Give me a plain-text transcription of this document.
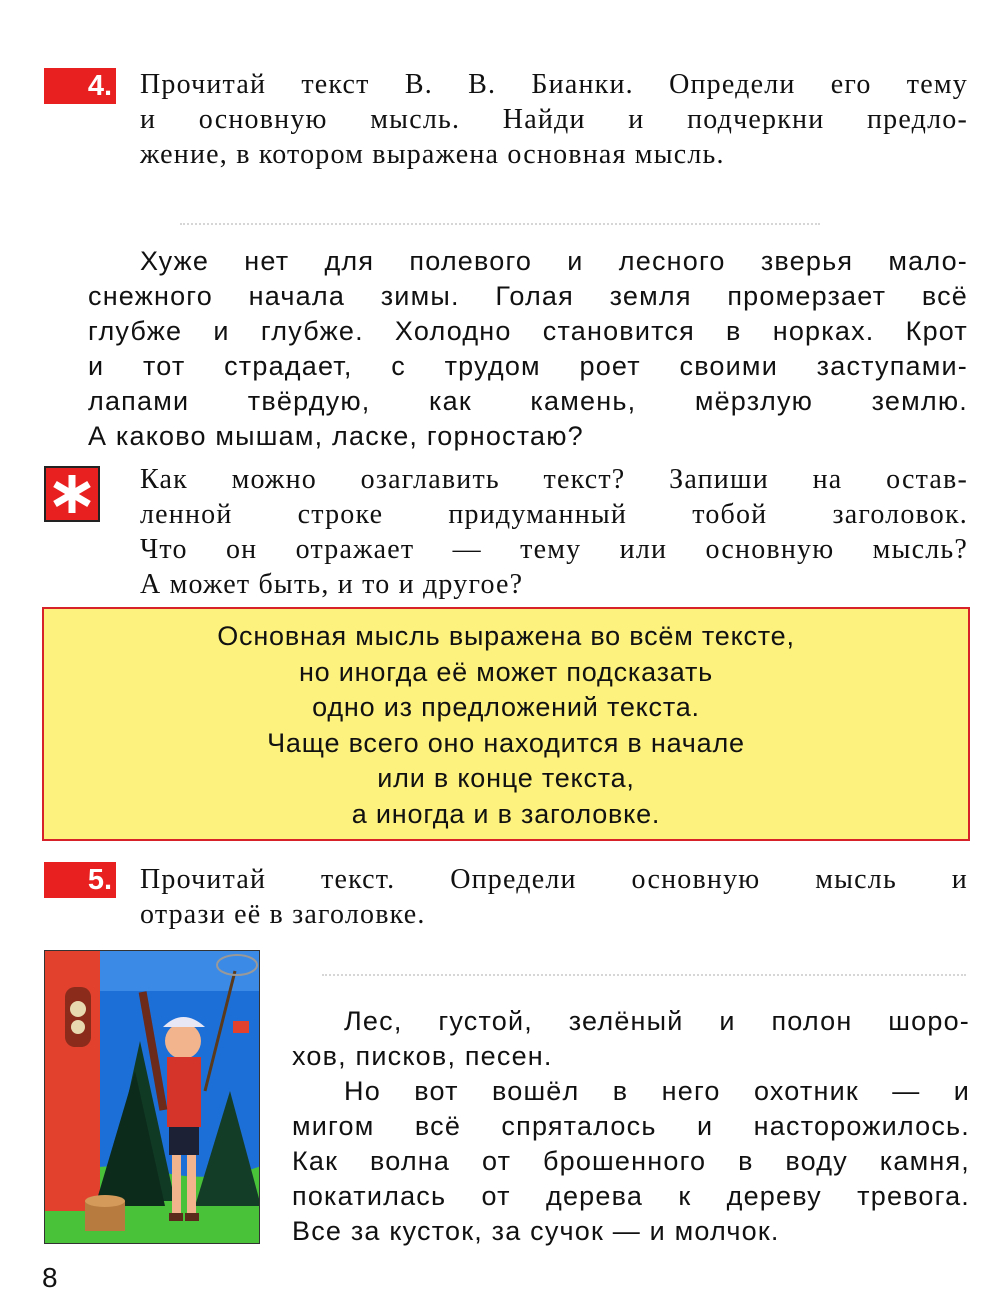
4. Прочитай текст В. В. Бианки. Определи его тему
и основную мысль. Найди и подчеркни предло-
жение, в котором выражена основная мысль.
Хуже нет для полевого и лесного зверья мало-
снежного начала зимы. Голая земля промерзает всё
глубже и глубже. Холодно становится в норках. Крот
и тот страдает, с трудом роет своими заступами-
лапами твёрдую, как камень, мёрзлую землю.
А каково мышам, ласке, горностаю?
Как можно озаглавить текст? Запиши на остав-
ленной строке придуманный тобой заголовок.
Что он отражает — тему или основную мысль?
А может быть, и то и другое?
Основная мысль выражена во всём тексте,
но иногда её может подсказать
одно из предложений текста.
Чаще всего оно находится в начале
или в конце текста,
а иногда и в заголовке.
5. Прочитай текст. Определи основную мысль и
отрази её в заголовке.
Лес, густой, зелёный и полон шоро-
хов, писков, песен.
Но вот вошёл в него охотник — и
мигом всё спряталось и насторожилось.
Как волна от брошенного в воду камня,
покатилась от дерева к дереву тревога.
Все за кусток, за сучок — и молчок.
8
